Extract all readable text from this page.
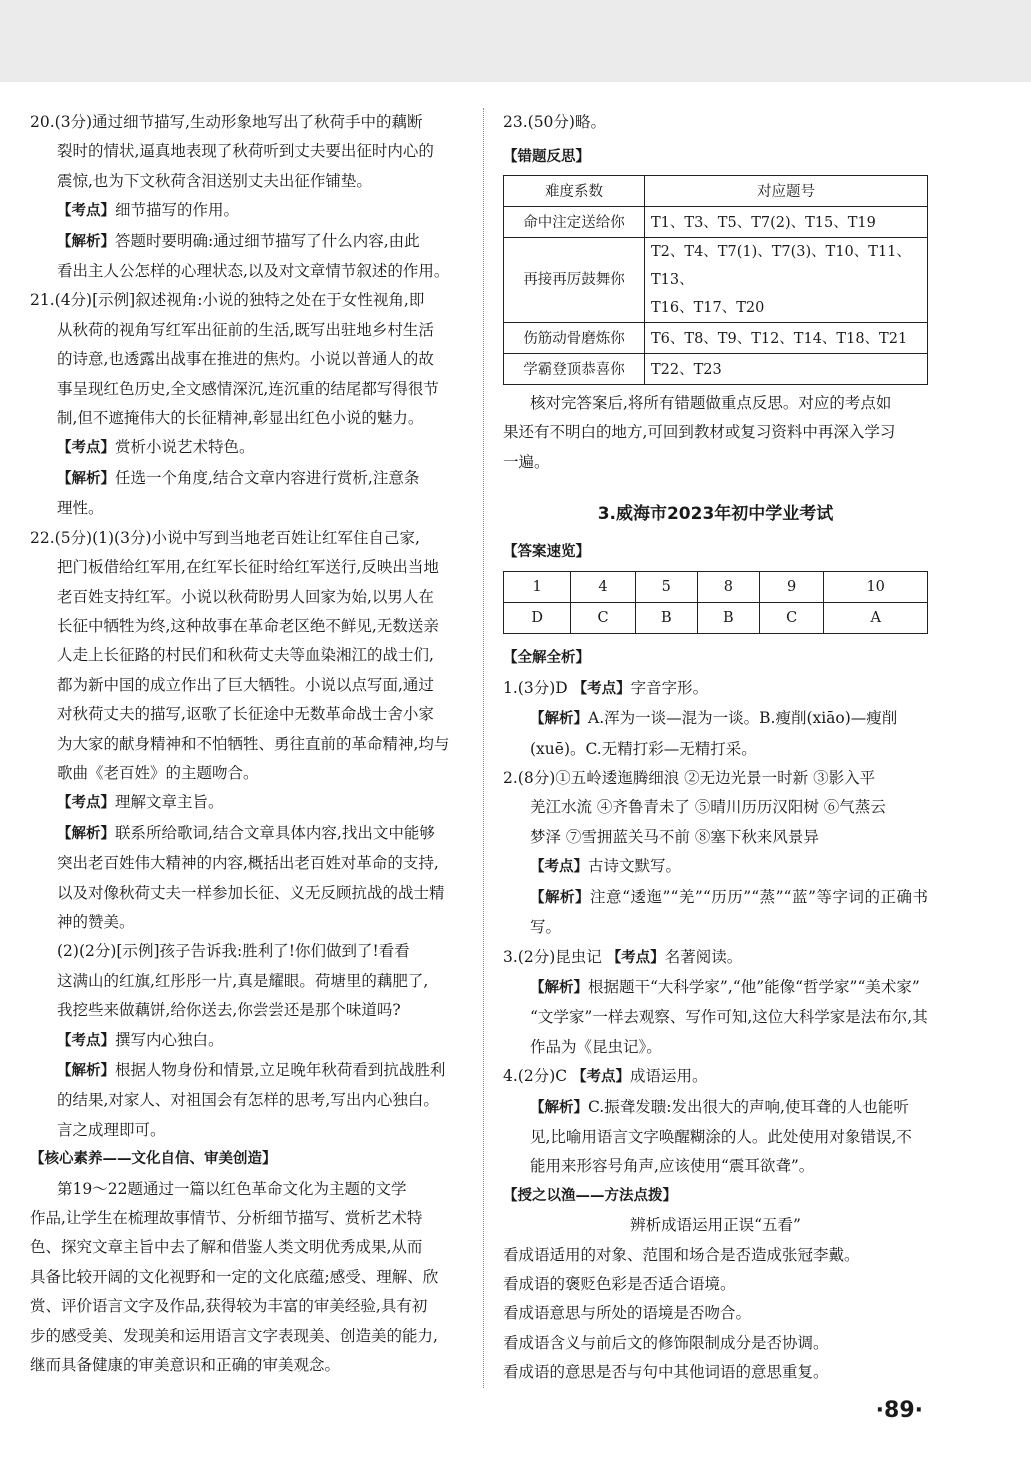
20.(3分)通过细节描写,生动形象地写出了秋荷手中的藕断

裂时的情状,逼真地表现了秋荷听到丈夫要出征时内心的

震惊,也为下文秋荷含泪送别丈夫出征作铺垫。

【考点】细节描写的作用。

【解析】答题时要明确:通过细节描写了什么内容,由此

看出主人公怎样的心理状态,以及对文章情节叙述的作用。

21.(4分)[示例]叙述视角:小说的独特之处在于女性视角,即

从秋荷的视角写红军出征前的生活,既写出驻地乡村生活

的诗意,也透露出战事在推进的焦灼。小说以普通人的故

事呈现红色历史,全文感情深沉,连沉重的结尾都写得很节

制,但不遮掩伟大的长征精神,彰显出红色小说的魅力。

【考点】赏析小说艺术特色。

【解析】任选一个角度,结合文章内容进行赏析,注意条

理性。

22.(5分)(1)(3分)小说中写到当地老百姓让红军住自己家,

把门板借给红军用,在红军长征时给红军送行,反映出当地

老百姓支持红军。小说以秋荷盼男人回家为始,以男人在

长征中牺牲为终,这种故事在革命老区绝不鲜见,无数送亲

人走上长征路的村民们和秋荷丈夫等血染湘江的战士们,

都为新中国的成立作出了巨大牺牲。小说以点写面,通过

对秋荷丈夫的描写,讴歌了长征途中无数革命战士舍小家

为大家的献身精神和不怕牺牲、勇往直前的革命精神,均与

歌曲《老百姓》的主题吻合。

【考点】理解文章主旨。

【解析】联系所给歌词,结合文章具体内容,找出文中能够

突出老百姓伟大精神的内容,概括出老百姓对革命的支持,

以及对像秋荷丈夫一样参加长征、义无反顾抗战的战士精

神的赞美。

(2)(2分)[示例]孩子告诉我:胜利了!你们做到了!看看

这满山的红旗,红彤彤一片,真是耀眼。荷塘里的藕肥了,

我挖些来做藕饼,给你送去,你尝尝还是那个味道吗?

【考点】撰写内心独白。

【解析】根据人物身份和情景,立足晚年秋荷看到抗战胜利

的结果,对家人、对祖国会有怎样的思考,写出内心独白。

言之成理即可。

【核心素养——文化自信、审美创造】

第19～22题通过一篇以红色革命文化为主题的文学

作品,让学生在梳理故事情节、分析细节描写、赏析艺术特

色、探究文章主旨中去了解和借鉴人类文明优秀成果,从而

具备比较开阔的文化视野和一定的文化底蕴;感受、理解、欣

赏、评价语言文字及作品,获得较为丰富的审美经验,具有初

步的感受美、发现美和运用语言文字表现美、创造美的能力,

继而具备健康的审美意识和正确的审美观念。

23.(50分)略。

【错题反思】

难度系数	对应题号
命中注定送给你	T1、T3、T5、T7(2)、T15、T19
再接再厉鼓舞你	T2、T4、T7(1)、T7(3)、T10、T11、T13、
T16、T17、T20

伤筋动骨磨炼你	T6、T8、T9、T12、T14、T18、T21
学霸登顶恭喜你	T22、T23

核对完答案后,将所有错题做重点反思。对应的考点如

果还有不明白的地方,可回到教材或复习资料中再深入学习

一遍。

3.威海市2023年初中学业考试

【答案速览】

1	4	5	8	9	10
D	C	B	B	C	A

【全解全析】

1.(3分)D 【考点】字音字形。

【解析】A.浑为一谈—混为一谈。B.瘦削(xiāo)—瘦削

(xuē)。C.无精打彩—无精打采。

2.(8分)①五岭逶迤腾细浪 ②无边光景一时新 ③影入平

羌江水流 ④齐鲁青未了 ⑤晴川历历汉阳树 ⑥气蒸云

梦泽 ⑦雪拥蓝关马不前 ⑧塞下秋来风景异

【考点】古诗文默写。

【解析】注意“逶迤”“羌”“历历”“蒸”“蓝”等字词的正确书写。

3.(2分)昆虫记 【考点】名著阅读。

【解析】根据题干“大科学家”,“他”能像“哲学家”“美术家”

“文学家”一样去观察、写作可知,这位大科学家是法布尔,其

作品为《昆虫记》。

4.(2分)C 【考点】成语运用。

【解析】C.振聋发聩:发出很大的声响,使耳聋的人也能听

见,比喻用语言文字唤醒糊涂的人。此处使用对象错误,不

能用来形容号角声,应该使用“震耳欲聋”。

【授之以渔——方法点拨】

辨析成语运用正误“五看”

看成语适用的对象、范围和场合是否造成张冠李戴。

看成语的褒贬色彩是否适合语境。

看成语意思与所处的语境是否吻合。

看成语含义与前后文的修饰限制成分是否协调。

看成语的意思是否与句中其他词语的意思重复。

·89·
